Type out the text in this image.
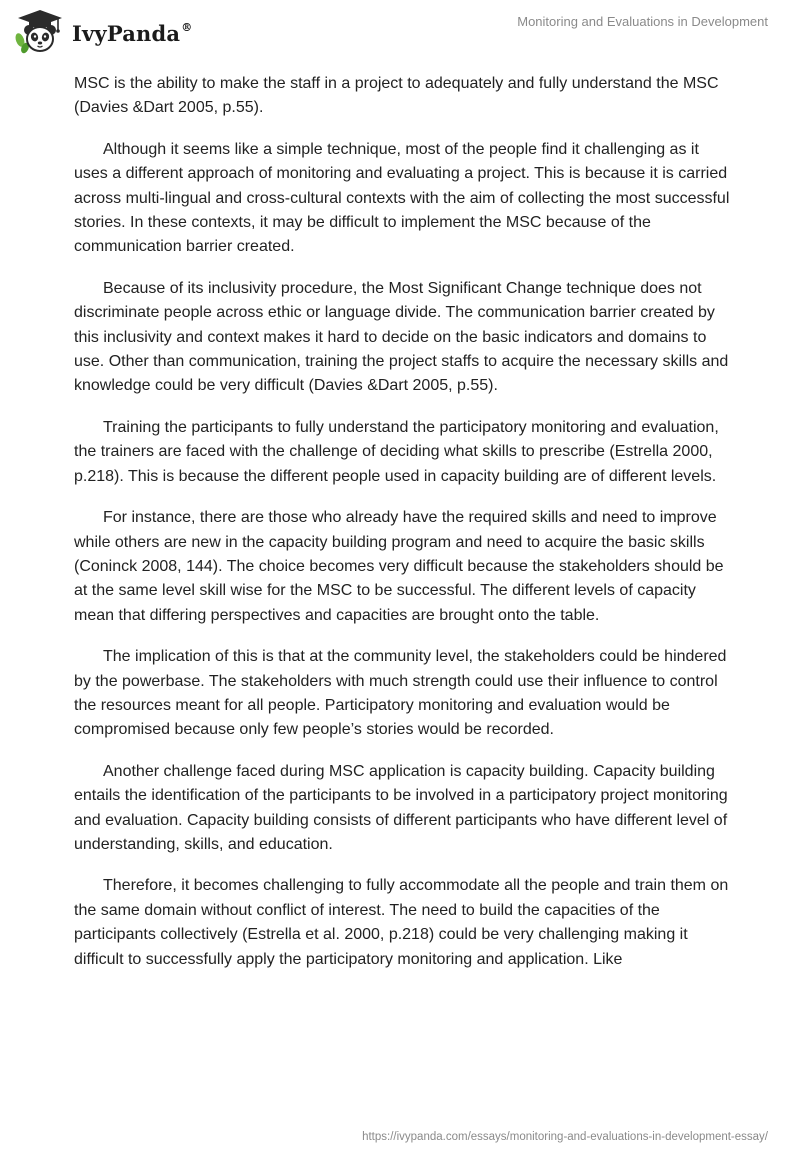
IvyPanda®	Monitoring and Evaluations in Development

MSC is the ability to make the staff in a project to adequately and fully understand the MSC (Davies &Dart 2005, p.55).

Although it seems like a simple technique, most of the people find it challenging as it uses a different approach of monitoring and evaluating a project. This is because it is carried across multi-lingual and cross-cultural contexts with the aim of collecting the most successful stories. In these contexts, it may be difficult to implement the MSC because of the communication barrier created.

Because of its inclusivity procedure, the Most Significant Change technique does not discriminate people across ethic or language divide. The communication barrier created by this inclusivity and context makes it hard to decide on the basic indicators and domains to use. Other than communication, training the project staffs to acquire the necessary skills and knowledge could be very difficult (Davies &Dart 2005, p.55).

Training the participants to fully understand the participatory monitoring and evaluation, the trainers are faced with the challenge of deciding what skills to prescribe (Estrella 2000, p.218). This is because the different people used in capacity building are of different levels.

For instance, there are those who already have the required skills and need to improve while others are new in the capacity building program and need to acquire the basic skills (Coninck 2008, 144). The choice becomes very difficult because the stakeholders should be at the same level skill wise for the MSC to be successful. The different levels of capacity mean that differing perspectives and capacities are brought onto the table.

The implication of this is that at the community level, the stakeholders could be hindered by the powerbase. The stakeholders with much strength could use their influence to control the resources meant for all people. Participatory monitoring and evaluation would be compromised because only few people’s stories would be recorded.

Another challenge faced during MSC application is capacity building. Capacity building entails the identification of the participants to be involved in a participatory project monitoring and evaluation. Capacity building consists of different participants who have different level of understanding, skills, and education.

Therefore, it becomes challenging to fully accommodate all the people and train them on the same domain without conflict of interest. The need to build the capacities of the participants collectively (Estrella et al. 2000, p.218) could be very challenging making it difficult to successfully apply the participatory monitoring and application. Like

https://ivypanda.com/essays/monitoring-and-evaluations-in-development-essay/
